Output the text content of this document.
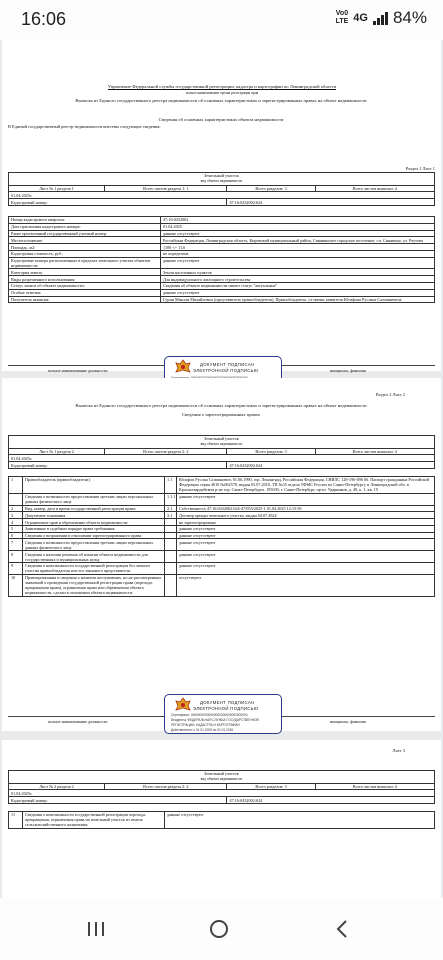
16:06	Vo0
LTE 4G 84%
Управление Федеральной службы государственной регистрации, кадастра и картографии по Ленинградской области
полное наименование органа регистрации прав
Выписка из Единого государственного реестра недвижимости об основных характеристиках и зарегистрированных правах на объект недвижимости
Сведения об основных характеристиках объекта недвижимости
В Единый государственный реестр недвижимости внесены следующие сведения:
Раздел 1 Лист 1
Земельный участок			
вид объекта недвижимости			
Лист № 1 раздела 1	Всего листов раздела 1: 1	Всего разделов: 3	Всего листов выписки: 4
01.04.2025г.			
Кадастровый номер:		47:16:0432002:624	
Номер кадастрового квартала:	47:16:0432002
Дата присвоения кадастрового номера:	01.04.2025
Ранее присвоенный государственный учетный номер:	данные отсутствуют
Местоположение:	Российская Федерация, Ленинградская область, Кировский муниципальный район, Синявинское городское поселение, г.п. Синявино, ул. Реутова
Площадь, м2:	1100 +/- 11,6
Кадастровая стоимость, руб.:	не определена
Кадастровые номера расположенных в пределах земельного участка объектов недвижимости:	данные отсутствуют
Категория земель:	Земли населенных пунктов
Виды разрешенного использования:	Для индивидуального жилищного строительства
Статус записи об объекте недвижимости:	Сведения об объекте недвижимости имеют статус "актуальные"
Особые отметки:	данные отсутствуют
Получатель выписки:	Гурин Максим Михайлович (представитель правообладателя), Правообладатель: от имени заявителя Юсифова Руслана Салманичича
полное наименование должности	инициалы, фамилия
ДОКУМЕНТ ПОДПИСАН
ЭЛЕКТРОННОЙ ПОДПИСЬЮ
Раздел 2 Лист 2
Выписка из Единого государственного реестра недвижимости об основных характеристиках и зарегистрированных правах на объект недвижимости
Сведения о зарегистрированных правах
Земельный участок			
вид объекта недвижимости			
Лист № 1 раздела 2	Всего листов раздела 2: 2	Всего разделов: 3	Всего листов выписки: 4
01.04.2025г.			
Кадастровый номер:		47:16:0432002:624	
1	Правообладатель (правообладатели):	1.1	Юсифов Руслан Салманович, 01.06.1990, гор. Ленинград, Российская Федерация, СНИЛС 129-196-096 06. Паспорт гражданина Российской Федерации серия 4010 №062578, выдан 05.07.2010, ТП №35 отдела УФМС России по Санкт-Петербургу и Ленинградской обл. в Красногвардейском р-не гор. Санкт-Петербурга. 195030, г. Санкт-Петербург, пр-кт. Ударников, д. 49, к. 1, кв. 19
	Сведения о возможности предоставления третьим лицам персональных данных физического лица	1.1.1	данные отсутствуют
2	Вид, номер, дата и время государственной регистрации права:	2.1	Собственность 47:16:0432002:624-47/053/2025-1 01.04.2025 12:15:50
3	Документы-основания	3.1	Договор аренды земельного участка, выдан 04.07.2024
4	Ограничение прав и обременение объекта недвижимости:		не зарегистрировано
5	Заявленные в судебном порядке права требования:		данные отсутствуют
6	Сведения о возражении в отношении зарегистрированного права:		данные отсутствуют
7	Сведения о возможности предоставления третьим лицам персональных данных физического лица		данные отсутствуют
8	Сведения о наличии решения об изъятии объекта недвижимости для государственных и муниципальных нужд:		данные отсутствуют
9	Сведения о невозможности государственной регистрации без личного участия правообладателя или его законного представителя:		данные отсутствуют
10	Правопритязания и сведения о наличии поступивших, но не рассмотренных заявлений о проведении государственной регистрации права (перехода, прекращения права), ограничения права или обременения объекта недвижимости, сделки в отношении объекта недвижимости:		отсутствуют
полное наименование должности	инициалы, фамилия
ДОКУМЕНТ ПОДПИСАН
ЭЛЕКТРОННОЙ ПОДПИСЬЮ
Сертификат: 00000000000000000000000000000000
Владелец: ФЕДЕРАЛЬНАЯ СЛУЖБА ГОСУДАРСТВЕННОЙ
РЕГИСТРАЦИИ, КАДАСТРА И КАРТОГРАФИИ
Действителен: с 01.01.2025 по 01.01.2026
Лист 3
Земельный участок			
вид объекта недвижимости			
Лист № 2 раздела 2	Всего листов раздела 2: 2	Всего разделов: 3	Всего листов выписки: 4
01.04.2025г.			
Кадастровый номер:		47:16:0432002:624	
11	Сведения о невозможности государственной регистрации перехода, прекращения, ограничения права на земельный участок из земель сельскохозяйственного назначения:	данные отсутствуют
